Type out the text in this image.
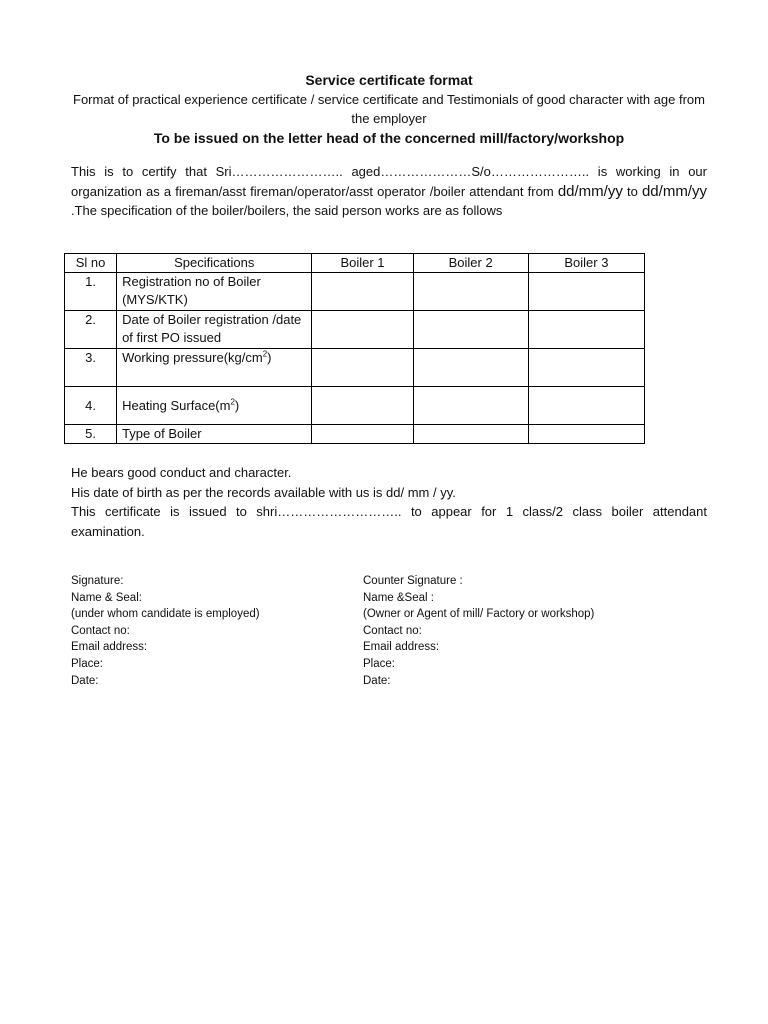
Service certificate format
Format of practical experience certificate / service certificate and Testimonials of good character with age from the employer
To be issued on the letter head of the concerned mill/factory/workshop
This is to certify that Sri…………………….. aged…………………S/o………………….. is working in our organization as a fireman/asst fireman/operator/asst operator /boiler attendant from dd/mm/yy to dd/mm/yy .The specification of the boiler/boilers, the said person works are as follows
Sl no	Specifications	Boiler 1	Boiler 2	Boiler 3
1.	Registration no of Boiler (MYS/KTK)			
2.	Date of Boiler registration /date of first PO issued			
3.	Working $pressure(kg/cm^2)$			
4.	Heating $Surface(m^2)$			
5.	Type of Boiler			
He bears good conduct and character.
His date of birth as per the records available with us is dd/ mm / yy.
This certificate is issued to shri……………………….. to appear for 1 class/2 class boiler attendant examination.
Signature:
Name & Seal:
(under whom candidate is employed)
Contact no:
Email address:
Place:
Date:
Counter Signature :
Name &Seal :
(Owner or Agent of mill/ Factory or workshop)
Contact no:
Email address:
Place:
Date:
